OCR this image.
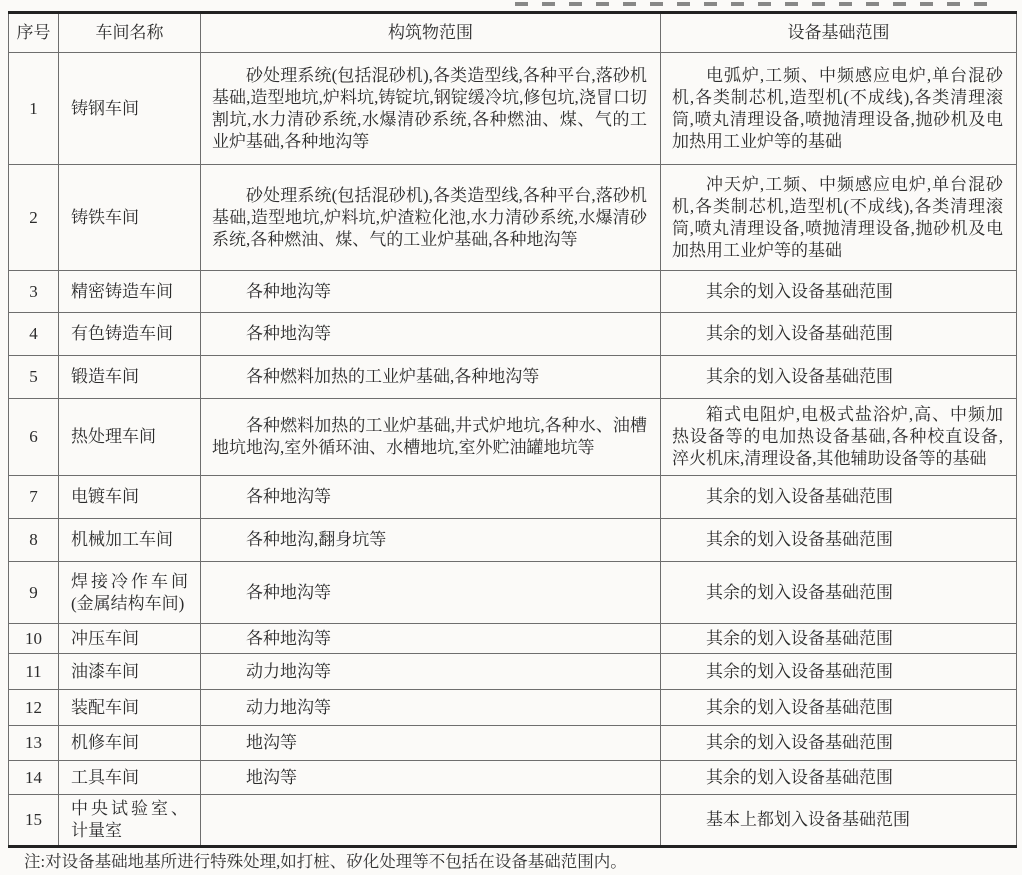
序号	车间名称	构筑物范围	设备基础范围
1	铸钢车间	砂处理系统(包括混砂机),各类造型线,各种平台,落砂机基础,造型地坑,炉料坑,铸锭坑,钢锭缓冷坑,修包坑,浇冒口切割坑,水力清砂系统,水爆清砂系统,各种燃油、煤、气的工业炉基础,各种地沟等	电弧炉,工频、中频感应电炉,单台混砂机,各类制芯机,造型机(不成线),各类清理滚筒,喷丸清理设备,喷抛清理设备,抛砂机及电加热用工业炉等的基础
2	铸铁车间	砂处理系统(包括混砂机),各类造型线,各种平台,落砂机基础,造型地坑,炉料坑,炉渣粒化池,水力清砂系统,水爆清砂系统,各种燃油、煤、气的工业炉基础,各种地沟等	冲天炉,工频、中频感应电炉,单台混砂机,各类制芯机,造型机(不成线),各类清理滚筒,喷丸清理设备,喷抛清理设备,抛砂机及电加热用工业炉等的基础
3	精密铸造车间	各种地沟等	其余的划入设备基础范围
4	有色铸造车间	各种地沟等	其余的划入设备基础范围
5	锻造车间	各种燃料加热的工业炉基础,各种地沟等	其余的划入设备基础范围
6	热处理车间	各种燃料加热的工业炉基础,井式炉地坑,各种水、油槽地坑地沟,室外循环油、水槽地坑,室外贮油罐地坑等	箱式电阻炉,电极式盐浴炉,高、中频加热设备等的电加热设备基础,各种校直设备,淬火机床,清理设备,其他辅助设备等的基础
7	电镀车间	各种地沟等	其余的划入设备基础范围
8	机械加工车间	各种地沟,翻身坑等	其余的划入设备基础范围
9	焊接冷作车间(金属结构车间)	各种地沟等	其余的划入设备基础范围
10	冲压车间	各种地沟等	其余的划入设备基础范围
11	油漆车间	动力地沟等	其余的划入设备基础范围
12	装配车间	动力地沟等	其余的划入设备基础范围
13	机修车间	地沟等	其余的划入设备基础范围
14	工具车间	地沟等	其余的划入设备基础范围
15	中央试验室、计量室		基本上都划入设备基础范围
注:对设备基础地基所进行特殊处理,如打桩、矽化处理等不包括在设备基础范围内。
